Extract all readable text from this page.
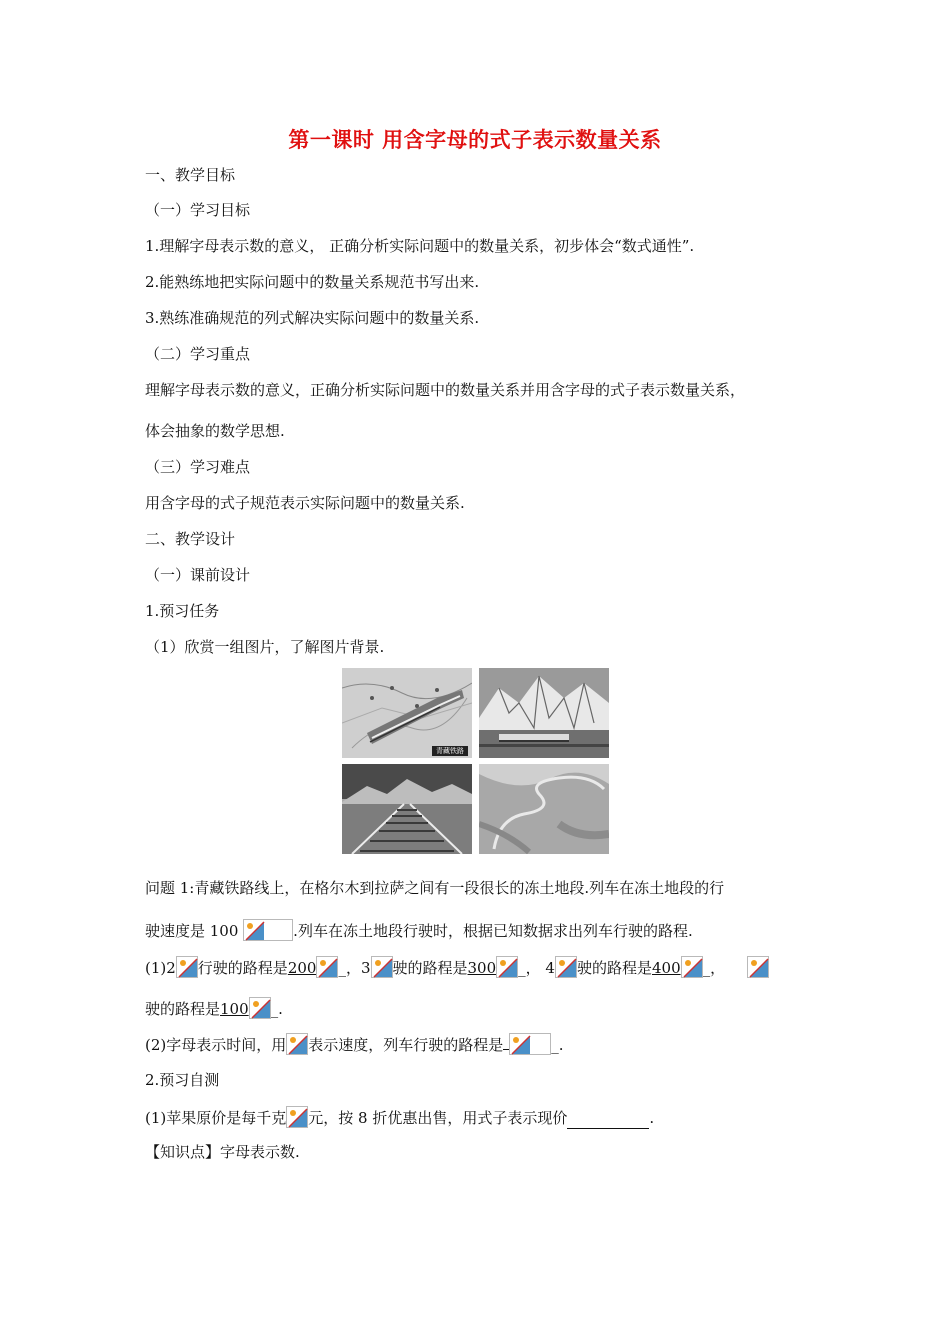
第一课时 用含字母的式子表示数量关系
一、教学目标
（一）学习目标
1.理解字母表示数的意义， 正确分析实际问题中的数量关系，初步体会“数式通性”.
2.能熟练地把实际问题中的数量关系规范书写出来.
3.熟练准确规范的列式解决实际问题中的数量关系.
（二）学习重点
理解字母表示数的意义，正确分析实际问题中的数量关系并用含字母的式子表示数量关系，
体会抽象的数学思想.
（三）学习难点
用含字母的式子规范表示实际问题中的数量关系.
二、教学设计
（一）课前设计
1.预习任务
（1）欣赏一组图片，了解图片背景.
青藏铁路
问题 1:青藏铁路线上，在格尔木到拉萨之间有一段很长的冻土地段.列车在冻土地段的行
驶速度是 100	.列车在冻土地段行驶时，根据已知数据求出列车行驶的路程.
(1)2 行驶的路程是200 _，3 驶的路程是300 _， 4 驶的路程是400 _，
驶的路程是100 _.
(2)字母表示时间，用 表示速度，列车行驶的路程是	_.
2.预习自测
(1)苹果原价是每千克 元，按 8 折优惠出售，用式子表示现价	.
【知识点】字母表示数.
